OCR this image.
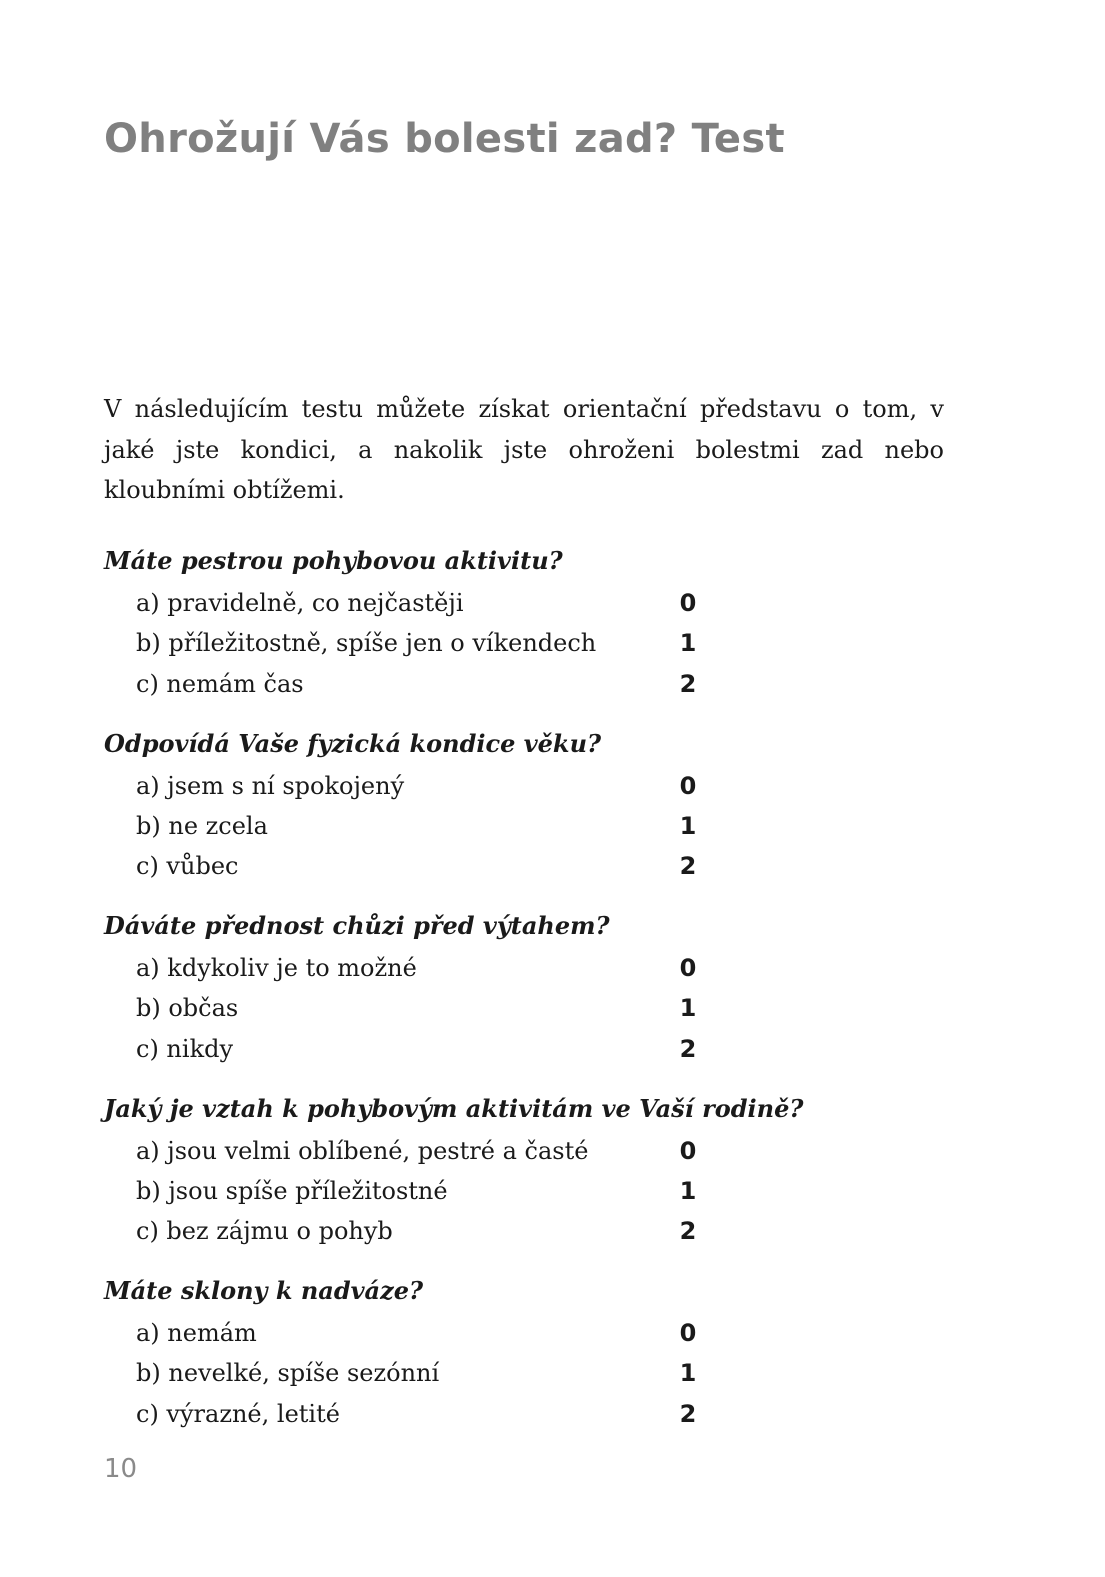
Ohrožují Vás bolesti zad? Test

V následujícím testu můžete získat orientační představu o tom, v jaké jste kondici, a nakolik jste ohroženi bolestmi zad nebo kloubními obtížemi.

Máte pestrou pohybovou aktivitu?

a) pravidelně, co nejčastěji	0
b) příležitostně, spíše jen o víkendech	1
c) nemám čas	2

Odpovídá Vaše fyzická kondice věku?

a) jsem s ní spokojený	0
b) ne zcela	1
c) vůbec	2

Dáváte přednost chůzi před výtahem?

a) kdykoliv je to možné	0
b) občas	1
c) nikdy	2

Jaký je vztah k pohybovým aktivitám ve Vaší rodině?

a) jsou velmi oblíbené, pestré a časté	0
b) jsou spíše příležitostné	1
c) bez zájmu o pohyb	2

Máte sklony k nadváze?

a) nemám	0
b) nevelké, spíše sezónní	1
c) výrazné, letité	2
10
